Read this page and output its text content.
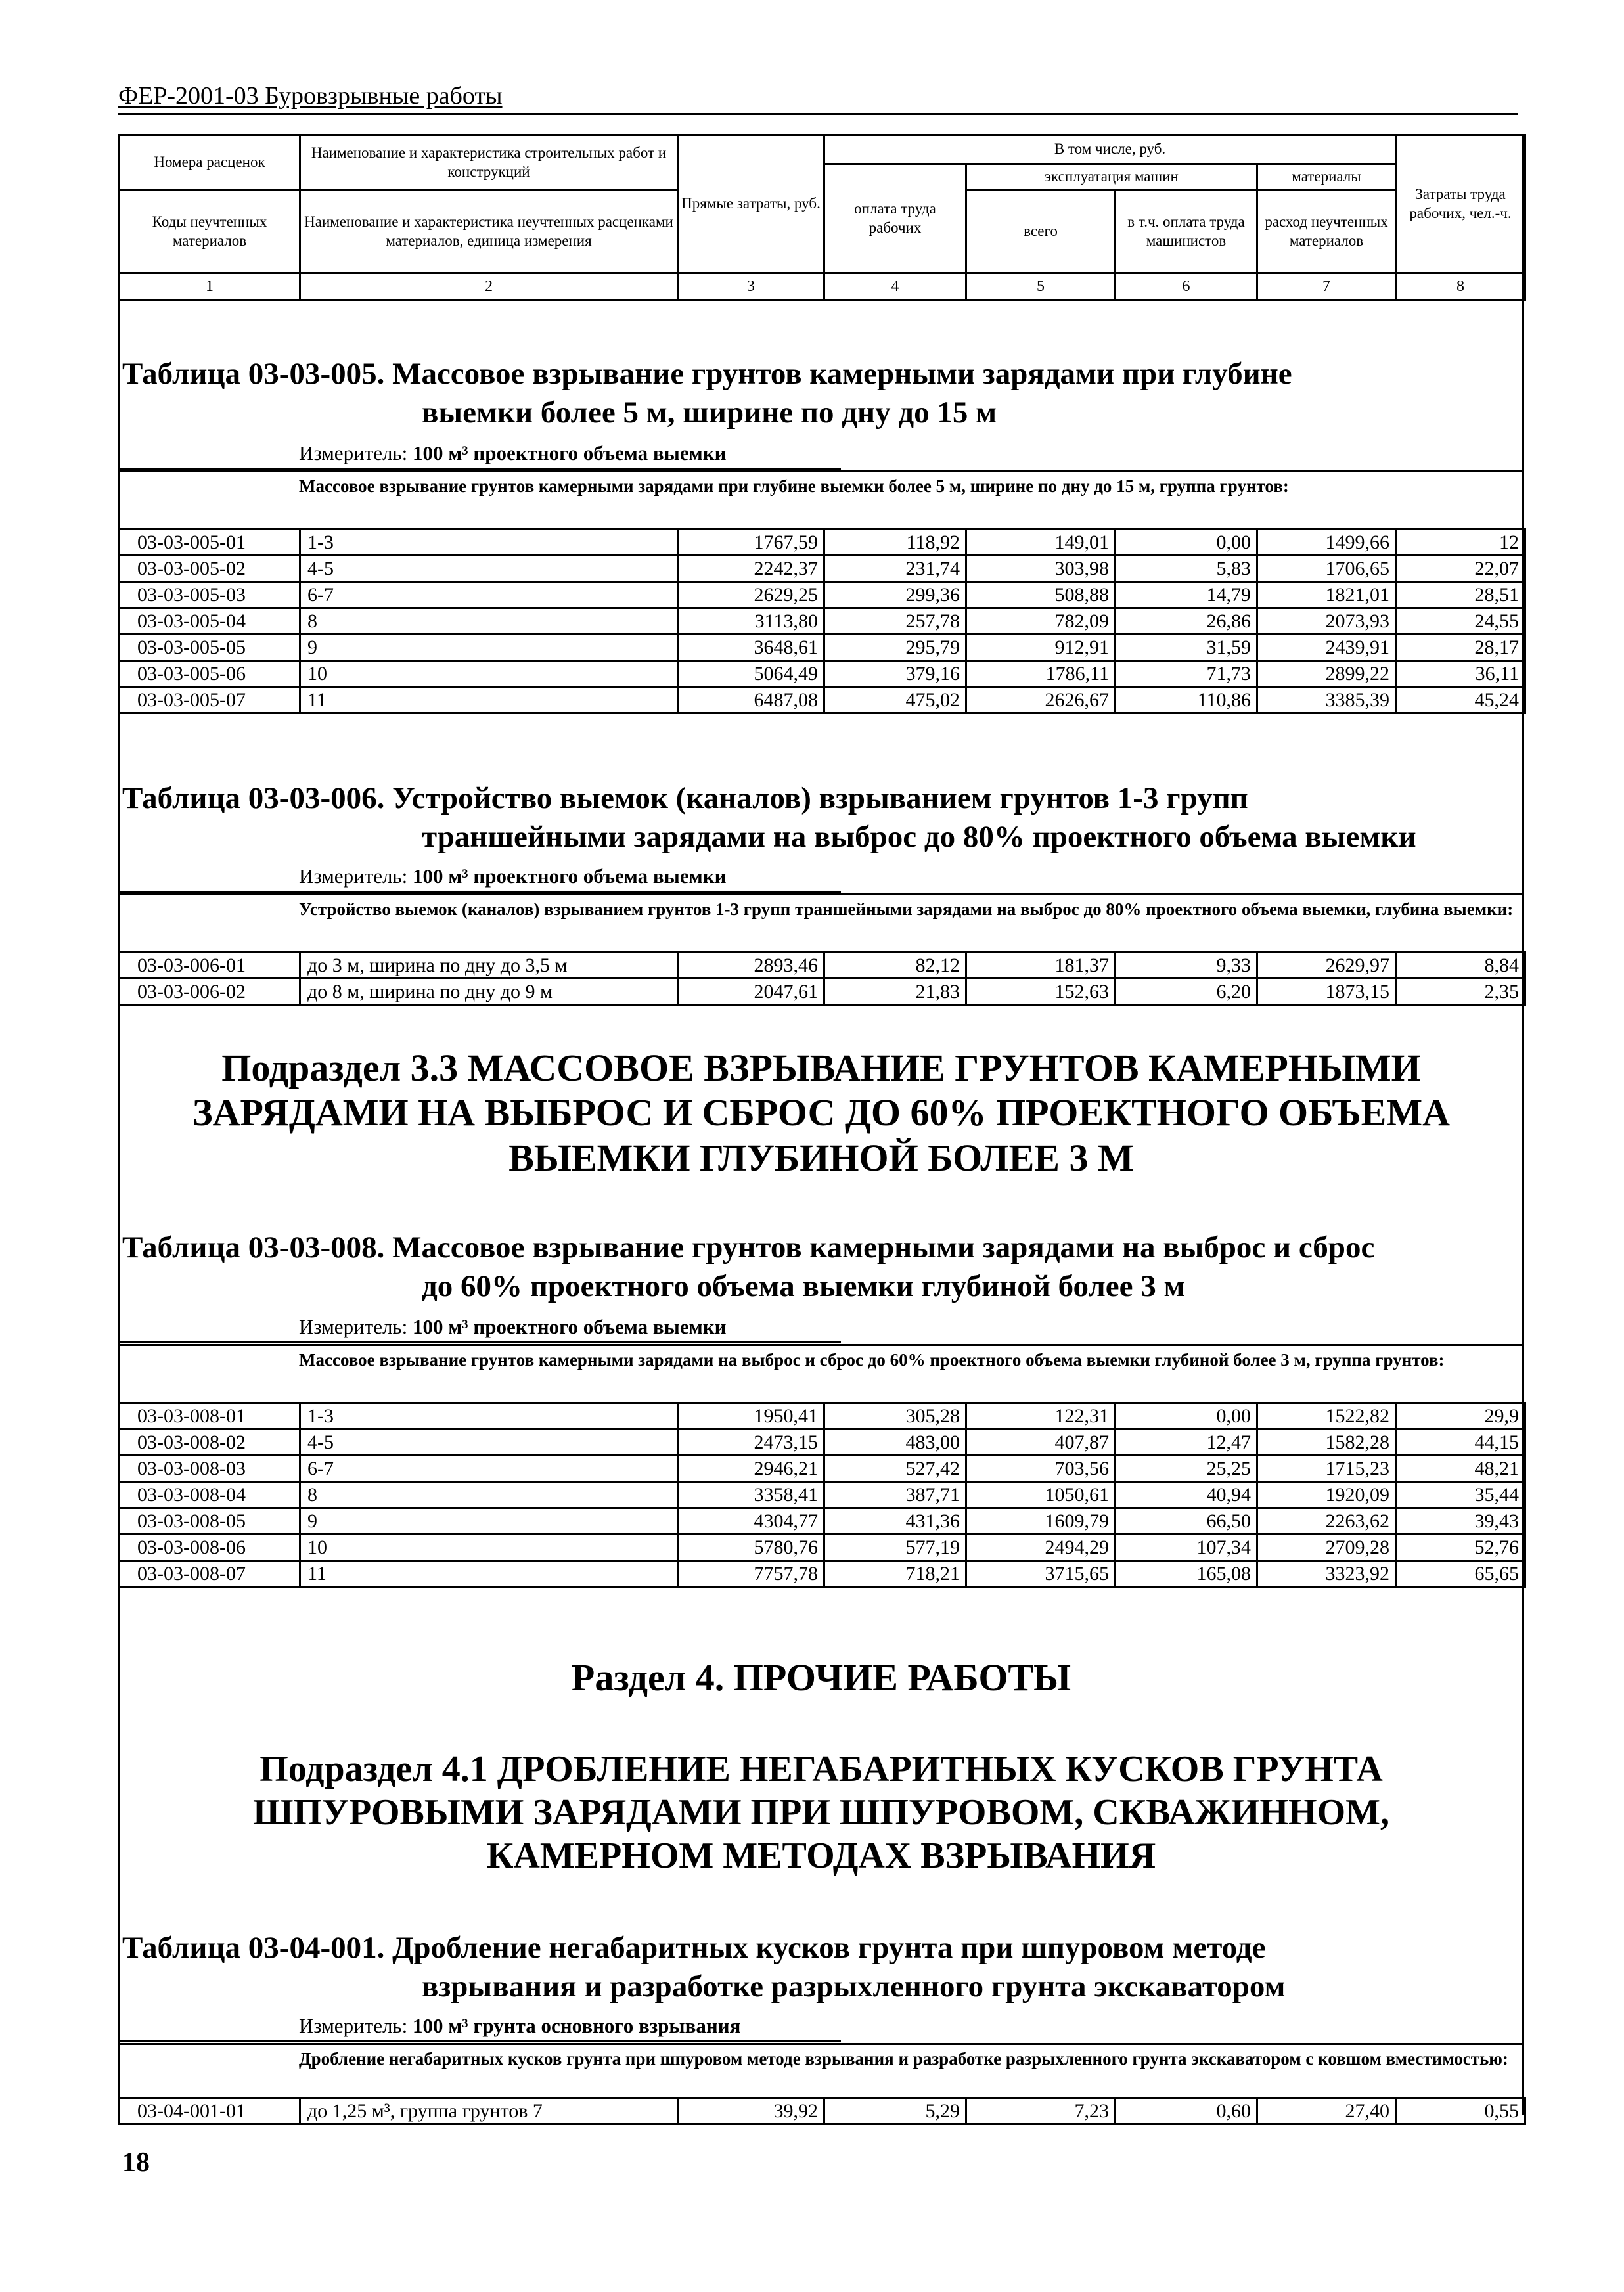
ФЕР-2001-03 Буровзрывные работы
Номера расценок	Наименование и характеристика строительных работ и конструкций	Прямые затраты, руб.	В том числе, руб.				Затраты труда рабочих, чел.-ч.
			оплата труда рабочих	эксплуатация машин		материалы	
Коды неучтенных материалов	Наименование и характеристика неучтенных расценками материалов, единица измерения			всего	в т.ч. оплата труда машинистов	расход неучтенных материалов	

1	2	3	4	5	6	7	8
Таблица 03-03-005. Массовое взрывание грунтов камерными зарядами при глубине
выемки более 5 м, ширине по дну до 15 м
Измеритель: 100 м³ проектного объема выемки
Массовое взрывание грунтов камерными зарядами при глубине выемки более 5 м, ширине по дну до 15 м, группа грунтов:
03-03-005-01	1-3	1767,59	118,92	149,01	0,00	1499,66	12
03-03-005-02	4-5	2242,37	231,74	303,98	5,83	1706,65	22,07
03-03-005-03	6-7	2629,25	299,36	508,88	14,79	1821,01	28,51
03-03-005-04	8	3113,80	257,78	782,09	26,86	2073,93	24,55
03-03-005-05	9	3648,61	295,79	912,91	31,59	2439,91	28,17
03-03-005-06	10	5064,49	379,16	1786,11	71,73	2899,22	36,11
03-03-005-07	11	6487,08	475,02	2626,67	110,86	3385,39	45,24
Таблица 03-03-006. Устройство выемок (каналов) взрыванием грунтов 1-3 групп
траншейными зарядами на выброс до 80% проектного объема выемки
Измеритель: 100 м³ проектного объема выемки
Устройство выемок (каналов) взрыванием грунтов 1-3 групп траншейными зарядами на выброс до 80% проектного объема выемки, глубина выемки:
03-03-006-01	до 3 м, ширина по дну до 3,5 м	2893,46	82,12	181,37	9,33	2629,97	8,84
03-03-006-02	до 8 м, ширина по дну до 9 м	2047,61	21,83	152,63	6,20	1873,15	2,35
Подраздел 3.3 МАССОВОЕ ВЗРЫВАНИЕ ГРУНТОВ КАМЕРНЫМИ
ЗАРЯДАМИ НА ВЫБРОС И СБРОС ДО 60% ПРОЕКТНОГО ОБЪЕМА
ВЫЕМКИ ГЛУБИНОЙ БОЛЕЕ 3 М
Таблица 03-03-008. Массовое взрывание грунтов камерными зарядами на выброс и сброс
до 60% проектного объема выемки глубиной более 3 м
Измеритель: 100 м³ проектного объема выемки
Массовое взрывание грунтов камерными зарядами на выброс и сброс до 60% проектного объема выемки глубиной более 3 м, группа грунтов:
03-03-008-01	1-3	1950,41	305,28	122,31	0,00	1522,82	29,9
03-03-008-02	4-5	2473,15	483,00	407,87	12,47	1582,28	44,15
03-03-008-03	6-7	2946,21	527,42	703,56	25,25	1715,23	48,21
03-03-008-04	8	3358,41	387,71	1050,61	40,94	1920,09	35,44
03-03-008-05	9	4304,77	431,36	1609,79	66,50	2263,62	39,43
03-03-008-06	10	5780,76	577,19	2494,29	107,34	2709,28	52,76
03-03-008-07	11	7757,78	718,21	3715,65	165,08	3323,92	65,65
Раздел 4. ПРОЧИЕ РАБОТЫ
Подраздел 4.1 ДРОБЛЕНИЕ НЕГАБАРИТНЫХ КУСКОВ ГРУНТА
ШПУРОВЫМИ ЗАРЯДАМИ ПРИ ШПУРОВОМ, СКВАЖИННОМ,
КАМЕРНОМ МЕТОДАХ ВЗРЫВАНИЯ
Таблица 03-04-001. Дробление негабаритных кусков грунта при шпуровом методе
взрывания и разработке разрыхленного грунта экскаватором
Измеритель: 100 м³ грунта основного взрывания
Дробление негабаритных кусков грунта при шпуровом методе взрывания и разработке разрыхленного грунта экскаватором с ковшом вместимостью:
03-04-001-01	до 1,25 м³, группа грунтов 7	39,92	5,29	7,23	0,60	27,40	0,55
18
